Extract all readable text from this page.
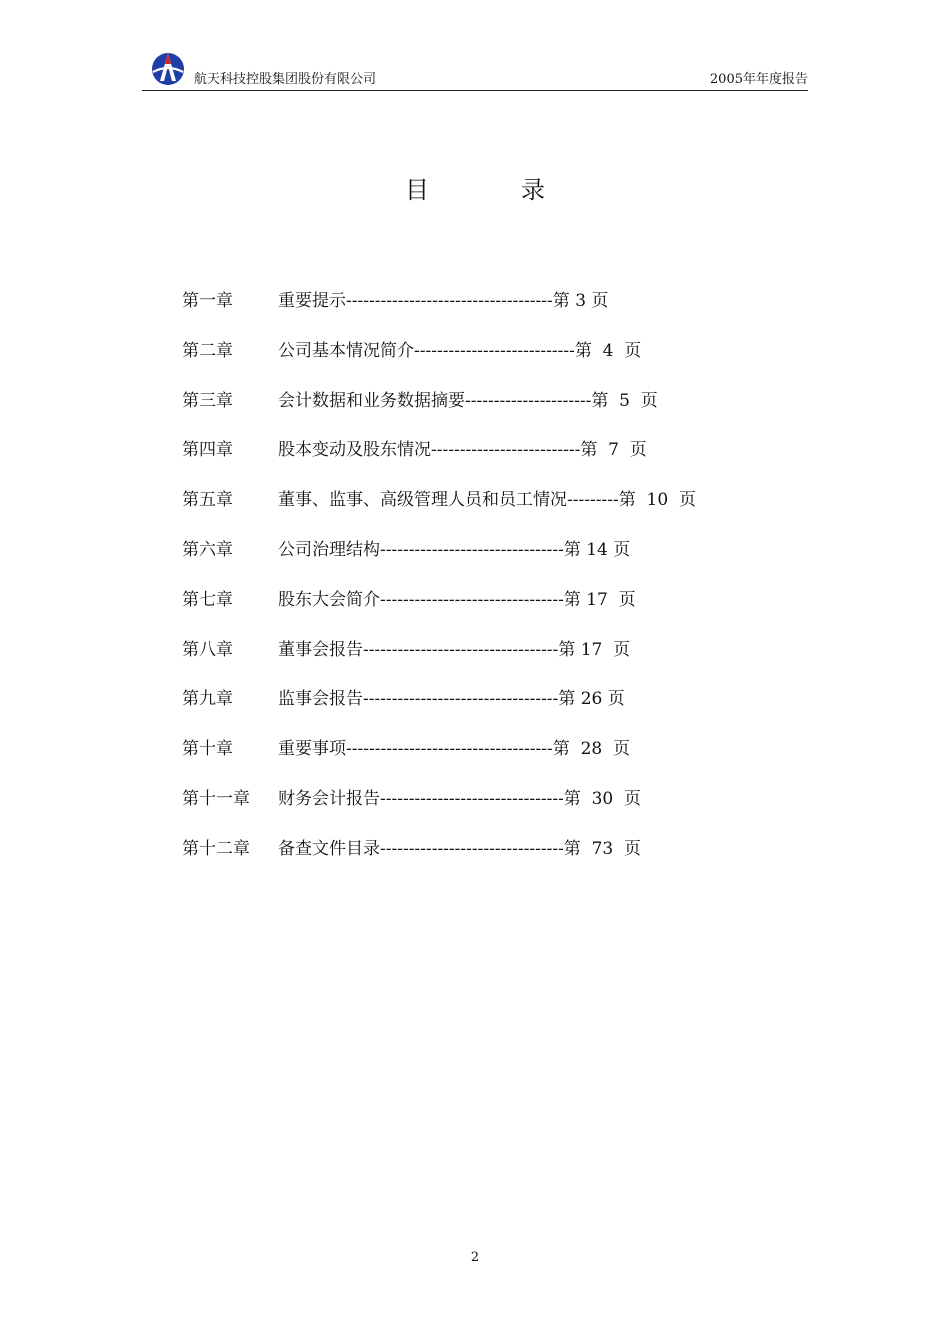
航天科技控股集团股份有限公司	2005年年度报告
目	录
第一章	重要提示------------------------------------第 3 页
第二章	公司基本情况简介----------------------------第  4  页
第三章	会计数据和业务数据摘要----------------------第  5  页
第四章	股本变动及股东情况--------------------------第  7  页
第五章	董事、监事、高级管理人员和员工情况---------第  10  页
第六章	公司治理结构--------------------------------第 14 页
第七章	股东大会简介--------------------------------第 17  页
第八章	董事会报告----------------------------------第 17  页
第九章	监事会报告----------------------------------第 26 页
第十章	重要事项------------------------------------第  28  页
第十一章	财务会计报告--------------------------------第  30  页
第十二章	备查文件目录--------------------------------第  73  页
2
